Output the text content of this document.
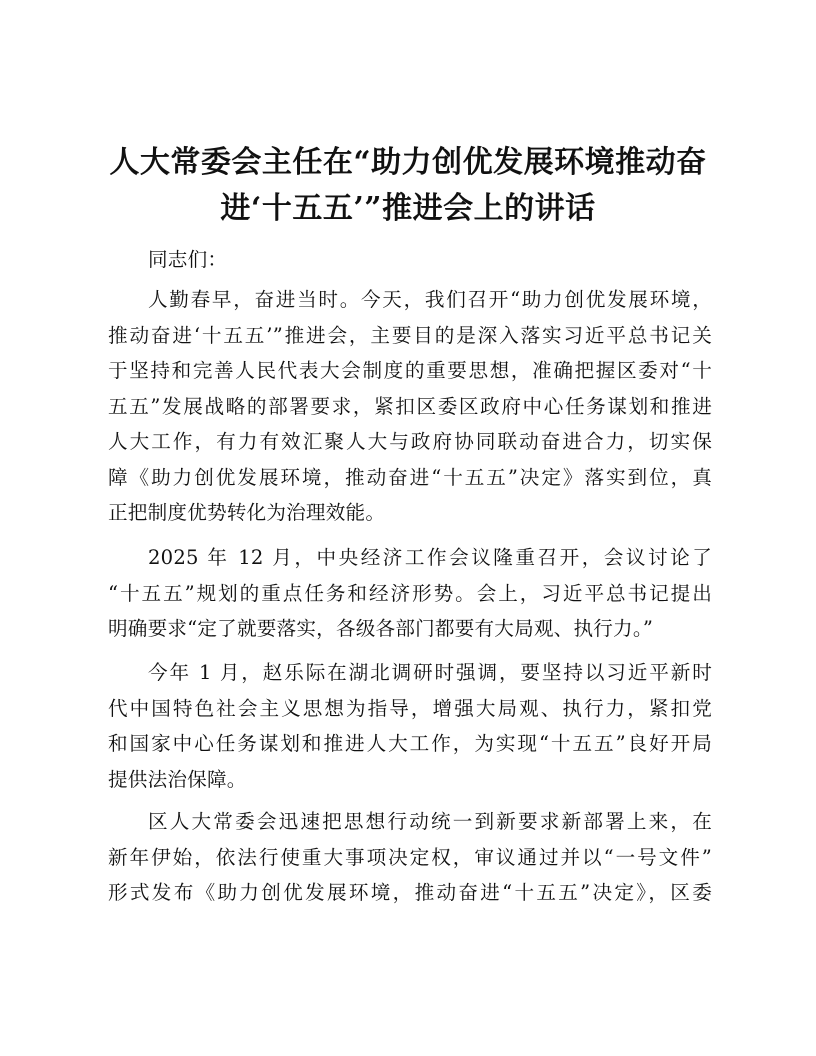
人大常委会主任在“助力创优发展环境推动奋
进‘十五五’”推进会上的讲话
同志们：
人勤春早，奋进当时。今天，我们召开“助力创优发展环境，
推动奋进‘十五五’”推进会，主要目的是深入落实习近平总书记关
于坚持和完善人民代表大会制度的重要思想，准确把握区委对“十
五五”发展战略的部署要求，紧扣区委区政府中心任务谋划和推进
人大工作，有力有效汇聚人大与政府协同联动奋进合力，切实保
障《助力创优发展环境，推动奋进“十五五”决定》落实到位，真
正把制度优势转化为治理效能。
2025 年 12 月，中央经济工作会议隆重召开，会议讨论了
“十五五”规划的重点任务和经济形势。会上，习近平总书记提出
明确要求“定了就要落实，各级各部门都要有大局观、执行力。”
今年 1 月，赵乐际在湖北调研时强调，要坚持以习近平新时
代中国特色社会主义思想为指导，增强大局观、执行力，紧扣党
和国家中心任务谋划和推进人大工作，为实现“十五五”良好开局
提供法治保障。
区人大常委会迅速把思想行动统一到新要求新部署上来，在
新年伊始，依法行使重大事项决定权，审议通过并以“一号文件”
形式发布《助力创优发展环境，推动奋进“十五五”决定》，区委
